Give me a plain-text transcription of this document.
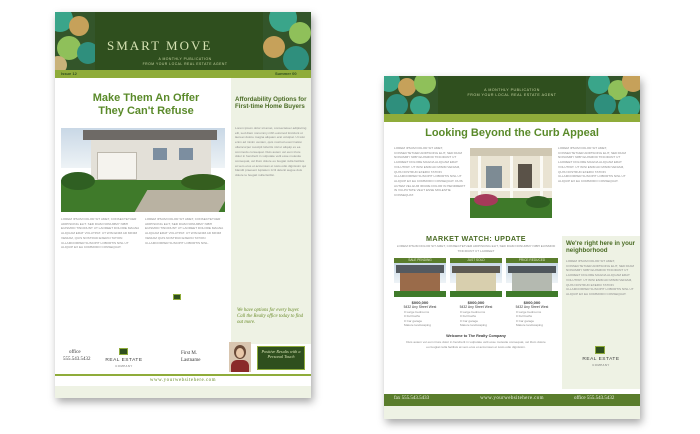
SMART MOVE
A MONTHLY PUBLICATION
FROM YOUR LOCAL REAL ESTATE AGENT
Issue 12	Summer 00
Make Them An Offer
They Can't Refuse
LOREM IPSUM DOLOR SIT AMET, CONSECTETUER ADIPISCING ELIT. SED DIAM NONUMMY NIBH EUISMOD TINCIDUNT UT LAOREET DOLORE MAGNA ALIQUAM ERAT VOLUTPAT. UT WISI ENIM AD MINIM VENIAM, QUIS NOSTRUD EXERCI TATION ULLAMCORPER SUSCIPIT LOBORTIS NISL UT ALIQUIP EX EA COMMODO CONSEQUAT.
LOREM IPSUM DOLOR SIT AMET, CONSECTETUER ADIPISCING ELIT, SED DIAM NONUMMY NIBH EUISMOD TINCIDUNT UT LAOREET DOLORE MAGNA ALIQUAM ERAT VOLUTPAT. UT WISI ENIM AD MINIM VENIAM QUIS NOSTRUD EXERCI TATION ULLAMCORPER SUSCIPIT LOBORTIS NISL.
Affordability Options for First-time Home Buyers
Lorem ipsum dolor sit amet, consectetuer adipiscing elit, sed diam nonummy nibh euismod tincidunt ut laoreet dolore magna aliquam erat volutpat. Ut wisi enim ad minim veniam, quis nostrud exerci tation ullamcorper suscipit lobortis nisl ut aliquip ex ea commodo consequat. Duis autem vel eum iriure dolor in hendrerit in vulputate velit esse molestie consequat, vel illum dolore eu feugiat nulla facilisis at vero eros et accumsan et iusto odio dignissim qui blandit praesent luptatum zzril delenit augue duis dolore te feugait nulla facilisi.
We have options for every buyer. Call the Realty office today to find out more.
office
555.543.5432	REAL ESTATE
COMPANY
First M.
Lastname
Positive Results with a Personal Touch
www.yourwebsitehere.com
A MONTHLY PUBLICATION
FROM YOUR LOCAL REAL ESTATE AGENT
Looking Beyond the Curb Appeal
LOREM IPSUM DOLOR SIT AMET, CONSECTETUER ADIPISCING ELIT, SED DIAM NONUMMY NIBH EUISMOD TINCIDUNT UT LAOREET DOLORE MAGNA ALIQUAM ERAT VOLUTPAT. UT WISI ENIM AD MINIM VENIAM, QUIS NOSTRUD EXERCI TATION ULLAMCORPER SUSCIPIT LOBORTIS NISL UT ALIQUIP EX EA COMMODO CONSEQUAT. DUIS AUTEM VEL EUM IRIURE DOLOR IN HENDRERIT IN VULPUTATE VELIT ESSE MOLESTIE CONSEQUAT.
LOREM IPSUM DOLOR SIT AMET, CONSECTETUER ADIPISCING ELIT, SED DIAM NONUMMY NIBH EUISMOD TINCIDUNT UT LAOREET DOLORE MAGNA ALIQUAM ERAT VOLUTPAT. UT WISI ENIM AD MINIM VENIAM, QUIS NOSTRUD EXERCI TATION ULLAMCORPER SUSCIPIT LOBORTIS NISL UT ALIQUIP EX EA COMMODO CONSEQUAT.
MARKET WATCH: UPDATE
LOREM IPSUM DOLOR SIT AMET, CONSECTETUER ADIPISCING ELIT, SED DIAM NONUMMY NIBH EUISMOD TINCIDUNT UT LAOREET
SALE PENDING
$000,000
5432 Any Street West
0 Large bedrooms
0 Full baths
0 Car garage
Mature landscaping
JUST SOLD
$000,000
5432 Any Street West
0 Large bedrooms
0 Full baths
0 Car garage
Mature landscaping
PRICE REDUCED
$000,000
5432 Any Street West
0 Large bedrooms
0 Full baths
0 Car garage
Mature landscaping
We're right here in your neighborhood
LOREM IPSUM DOLOR SIT AMET, CONSECTETUER ADIPISCING ELIT, SED DIAM NONUMMY NIBH EUISMOD TINCIDUNT UT LAOREET DOLORE MAGNA ALIQUAM ERAT VOLUTPAT. UT WISI ENIM AD MINIM VENIAM, QUIS NOSTRUD EXERCI TATION ULLAMCORPER SUSCIPIT LOBORTIS NISL UT ALIQUIP EX EA COMMODO CONSEQUAT.
REAL ESTATE
COMPANY
Welcome to The Realty Company
Duis autem vel eum iriure dolor in hendrerit in vulputate velit esse molestie consequat, vel illum dolore eu feugiat nulla facilisis at vero eros et accumsan et iusto odio dignissim.
fax 555.543.5433	www.yourwebsitehere.com	office 555.543.5432
